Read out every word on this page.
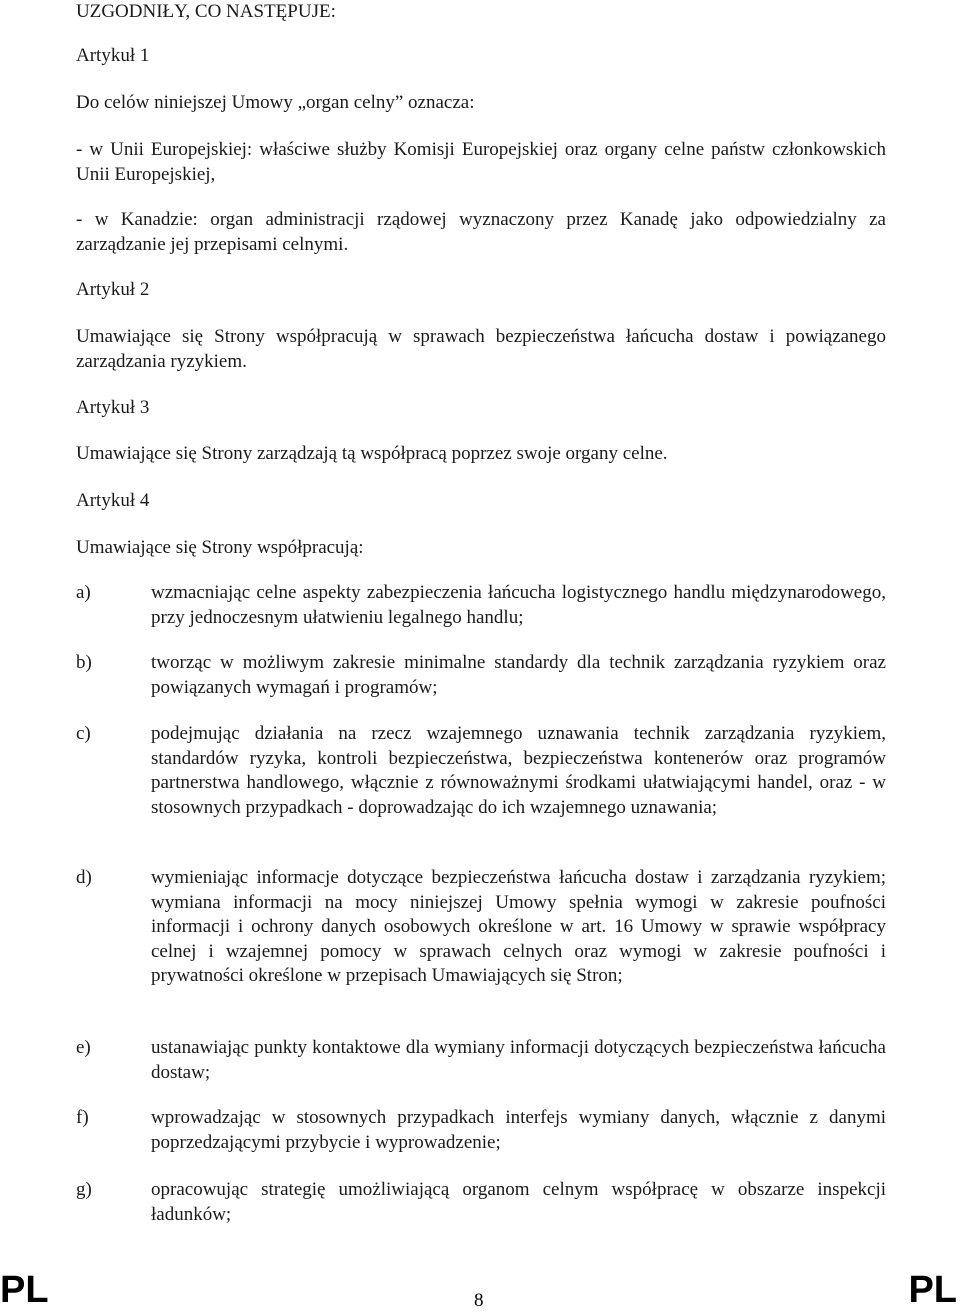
UZGODNIŁY, CO NASTĘPUJE:
Artykuł 1
Do celów niniejszej Umowy „organ celny” oznacza:
- w Unii Europejskiej: właściwe służby Komisji Europejskiej oraz organy celne państw członkowskich Unii Europejskiej,
- w Kanadzie: organ administracji rządowej wyznaczony przez Kanadę jako odpowiedzialny za zarządzanie jej przepisami celnymi.
Artykuł 2
Umawiające się Strony współpracują w sprawach bezpieczeństwa łańcucha dostaw i powiązanego zarządzania ryzykiem.
Artykuł 3
Umawiające się Strony zarządzają tą współpracą poprzez swoje organy celne.
Artykuł 4
Umawiające się Strony współpracują:
a)	wzmacniając celne aspekty zabezpieczenia łańcucha logistycznego handlu międzynarodowego, przy jednoczesnym ułatwieniu legalnego handlu;
b)	tworząc w możliwym zakresie minimalne standardy dla technik zarządzania ryzykiem oraz powiązanych wymagań i programów;
c)	podejmując działania na rzecz wzajemnego uznawania technik zarządzania ryzykiem, standardów ryzyka, kontroli bezpieczeństwa, bezpieczeństwa kontenerów oraz programów partnerstwa handlowego, włącznie z równoważnymi środkami ułatwiającymi handel, oraz - w stosownych przypadkach - doprowadzając do ich wzajemnego uznawania;
d)	wymieniając informacje dotyczące bezpieczeństwa łańcucha dostaw i zarządzania ryzykiem; wymiana informacji na mocy niniejszej Umowy spełnia wymogi w zakresie poufności informacji i ochrony danych osobowych określone w art. 16 Umowy w sprawie współpracy celnej i wzajemnej pomocy w sprawach celnych oraz wymogi w zakresie poufności i prywatności określone w przepisach Umawiających się Stron;
e)	ustanawiając punkty kontaktowe dla wymiany informacji dotyczących bezpieczeństwa łańcucha dostaw;
f)	wprowadzając w stosownych przypadkach interfejs wymiany danych, włącznie z danymi poprzedzającymi przybycie i wyprowadzenie;
g)	opracowując strategię umożliwiającą organom celnym współpracę w obszarze inspekcji ładunków;
PL	8	PL
